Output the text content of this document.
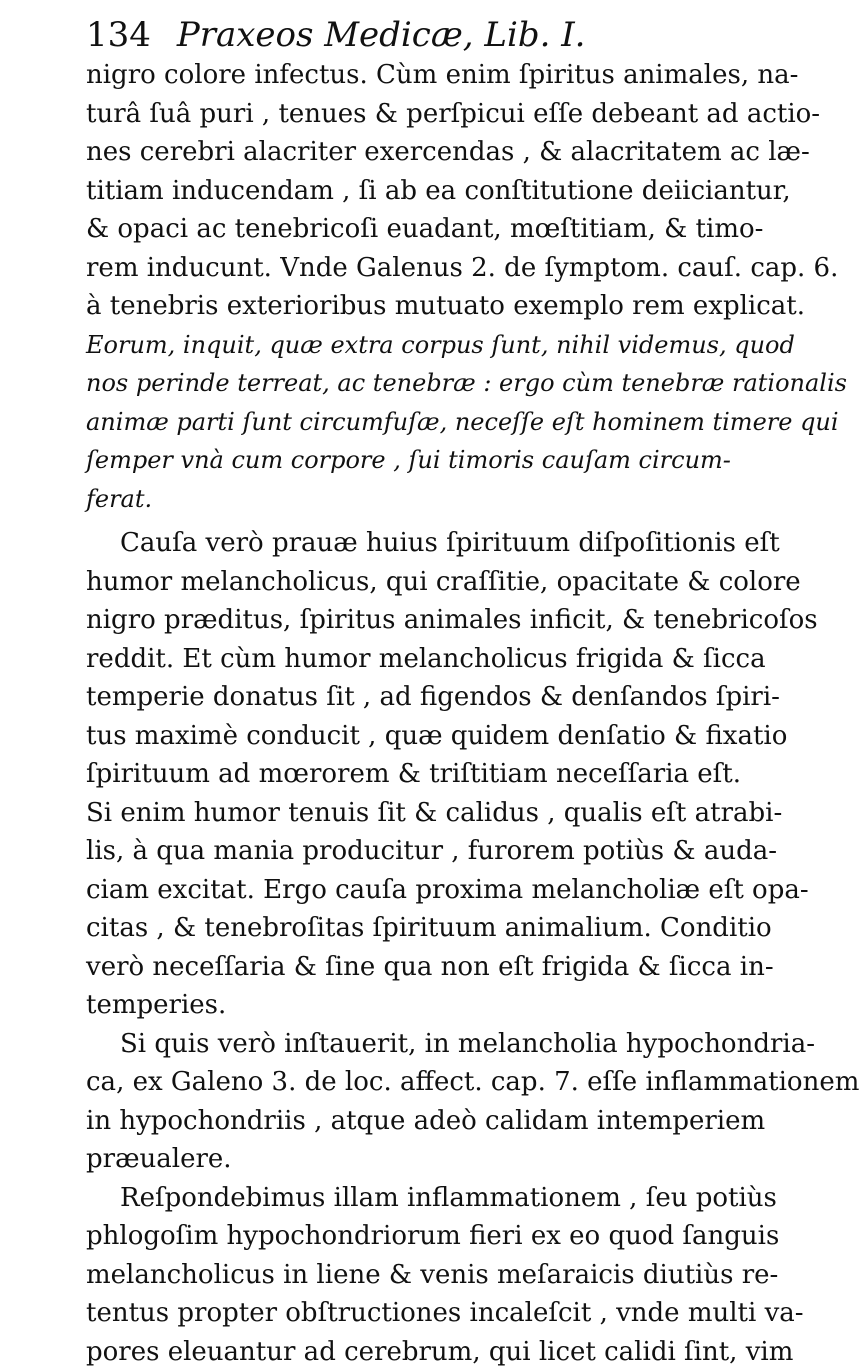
134 Praxeos Medicæ, Lib. I.
nigro colore infectus. Cùm enim ſpiritus animales, na-
turâ ſuâ puri , tenues & perſpicui eſſe debeant ad actio-
nes cerebri alacriter exercendas , & alacritatem ac læ-
titiam inducendam , ſi ab ea conſtitutione deiiciantur,
& opaci ac tenebricoſi euadant, mœſtitiam, & timo-
rem inducunt. Vnde Galenus 2. de ſymptom. cauſ. cap. 6.
à tenebris exterioribus mutuato exemplo rem explicat.
Eorum, inquit, quæ extra corpus ſunt, nihil videmus, quod
nos perinde terreat, ac tenebræ : ergo cùm tenebræ rationalis
animæ parti ſunt circumfuſæ, neceſſe eſt hominem timere qui
ſemper vnà cum corpore , ſui timoris cauſam circum-
ferat.
Cauſa verò prauæ huius ſpirituum diſpoſitionis eſt
humor melancholicus, qui craſſitie, opacitate & colore
nigro præditus, ſpiritus animales inficit, & tenebricoſos
reddit. Et cùm humor melancholicus frigida & ſicca
temperie donatus ſit , ad figendos & denſandos ſpiri-
tus maximè conducit , quæ quidem denſatio & fixatio
ſpirituum ad mœrorem & triſtitiam neceſſaria eſt.
Si enim humor tenuis ſit & calidus , qualis eſt atrabi-
lis, à qua mania producitur , furorem potiùs & auda-
ciam excitat. Ergo cauſa proxima melancholiæ eſt opa-
citas , & tenebroſitas ſpirituum animalium. Conditio
verò neceſſaria & ſine qua non eſt frigida & ſicca in-
temperies.
Si quis verò inſtauerit, in melancholia hypochondria-
ca, ex Galeno 3. de loc. affect. cap. 7. eſſe inflammationem
in hypochondriis , atque adeò calidam intemperiem
præualere.
Reſpondebimus illam inflammationem , ſeu potiùs
phlogoſim hypochondriorum fieri ex eo quod ſanguis
melancholicus in liene & venis meſaraicis diutiùs re-
tentus propter obſtructiones incaleſcit , vnde multi va-
pores eleuantur ad cerebrum, qui licet calidi ſint, vim
